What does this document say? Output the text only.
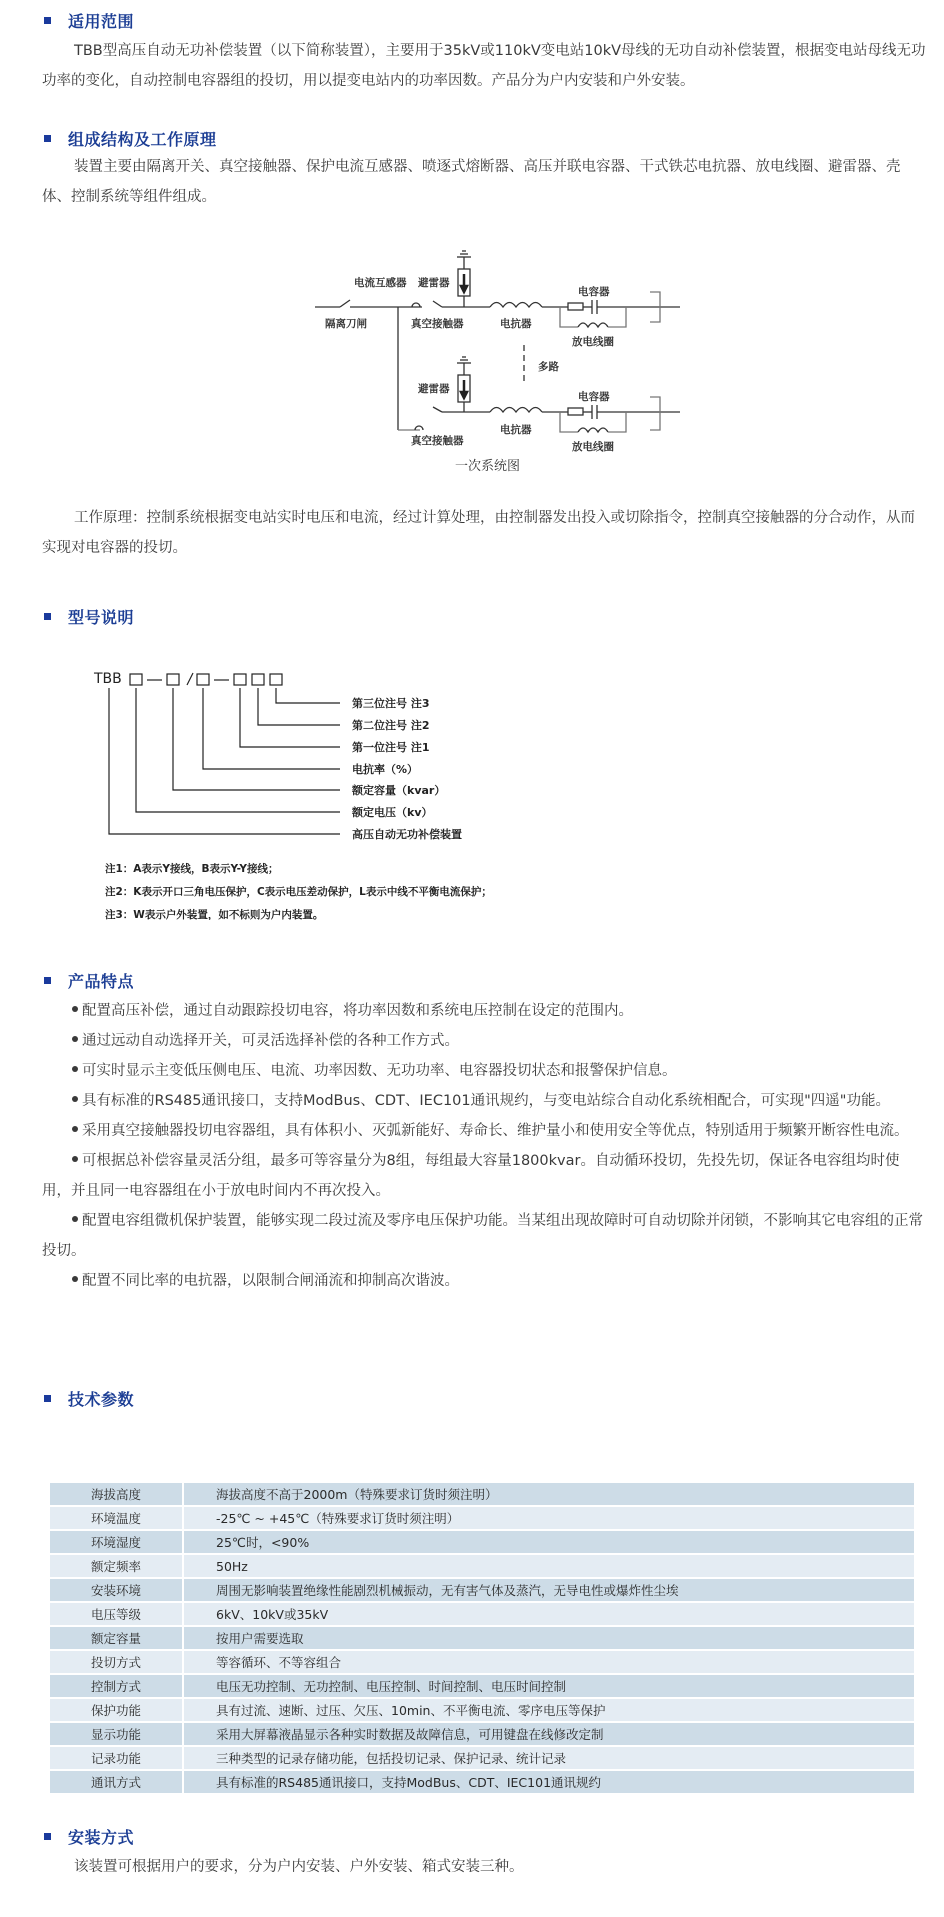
适用范围

TBB型高压自动无功补偿装置（以下简称装置），主要用于35kV或110kV变电站10kV母线的无功自动补偿装置，根据变电站母线无功功率的变化，自动控制电容器组的投切，用以提变电站内的功率因数。产品分为户内安装和户外安装。

组成结构及工作原理

装置主要由隔离开关、真空接触器、保护电流互感器、喷逐式熔断器、高压并联电容器、干式铁芯电抗器、放电线圈、避雷器、壳体、控制系统等组件组成。

电流互感器 避雷器
隔离刀闸	真空接触器	电抗器
电容器
放电线圈
多路
避雷器
电抗器
电容器
真空接触器	放电线圈
一次系统图

工作原理：控制系统根据变电站实时电压和电流，经过计算处理，由控制器发出投入或切除指令，控制真空接触器的分合动作，从而实现对电容器的投切。

型号说明
TBB
第三位注号 注3
第二位注号 注2
第一位注号 注1
电抗率（%）
额定容量（kvar）
额定电压（kv）
高压自动无功补偿装置
注1：A表示Y接线，B表示Y-Y接线；
注2：K表示开口三角电压保护，C表示电压差动保护，L表示中线不平衡电流保护；
注3：W表示户外装置，如不标则为户内装置。
产品特点
配置高压补偿，通过自动跟踪投切电容，将功率因数和系统电压控制在设定的范围内。
通过远动自动选择开关，可灵活选择补偿的各种工作方式。
可实时显示主变低压侧电压、电流、功率因数、无功功率、电容器投切状态和报警保护信息。
具有标准的RS485通讯接口，支持ModBus、CDT、IEC101通讯规约，与变电站综合自动化系统相配合，可实现"四遥"功能。
采用真空接触器投切电容器组，具有体积小、灭弧新能好、寿命长、维护量小和使用安全等优点，特别适用于频繁开断容性电流。
可根据总补偿容量灵活分组，最多可等容量分为8组，每组最大容量1800kvar。自动循环投切，先投先切，保证各电容组均时使用，并且同一电容器组在小于放电时间内不再次投入。
配置电容组微机保护装置，能够实现二段过流及零序电压保护功能。当某组出现故障时可自动切除并闭锁，不影响其它电容组的正常投切。
配置不同比率的电抗器，以限制合闸涌流和抑制高次谐波。
技术参数
海拔高度	海拔高度不高于2000m（特殊要求订货时须注明）
环境温度	-25℃ ~ +45℃（特殊要求订货时须注明）
环境湿度	25℃时，<90%
额定频率	50Hz
安装环境	周围无影响装置绝缘性能剧烈机械振动，无有害气体及蒸汽，无导电性或爆炸性尘埃
电压等级	6kV、10kV或35kV
额定容量	按用户需要选取
投切方式	等容循环、不等容组合
控制方式	电压无功控制、无功控制、电压控制、时间控制、电压时间控制
保护功能	具有过流、速断、过压、欠压、10min、不平衡电流、零序电压等保护
显示功能	采用大屏幕液晶显示各种实时数据及故障信息，可用键盘在线修改定制
记录功能	三种类型的记录存储功能，包括投切记录、保护记录、统计记录
通讯方式	具有标准的RS485通讯接口，支持ModBus、CDT、IEC101通讯规约
安装方式

该装置可根据用户的要求，分为户内安装、户外安装、箱式安装三种。
